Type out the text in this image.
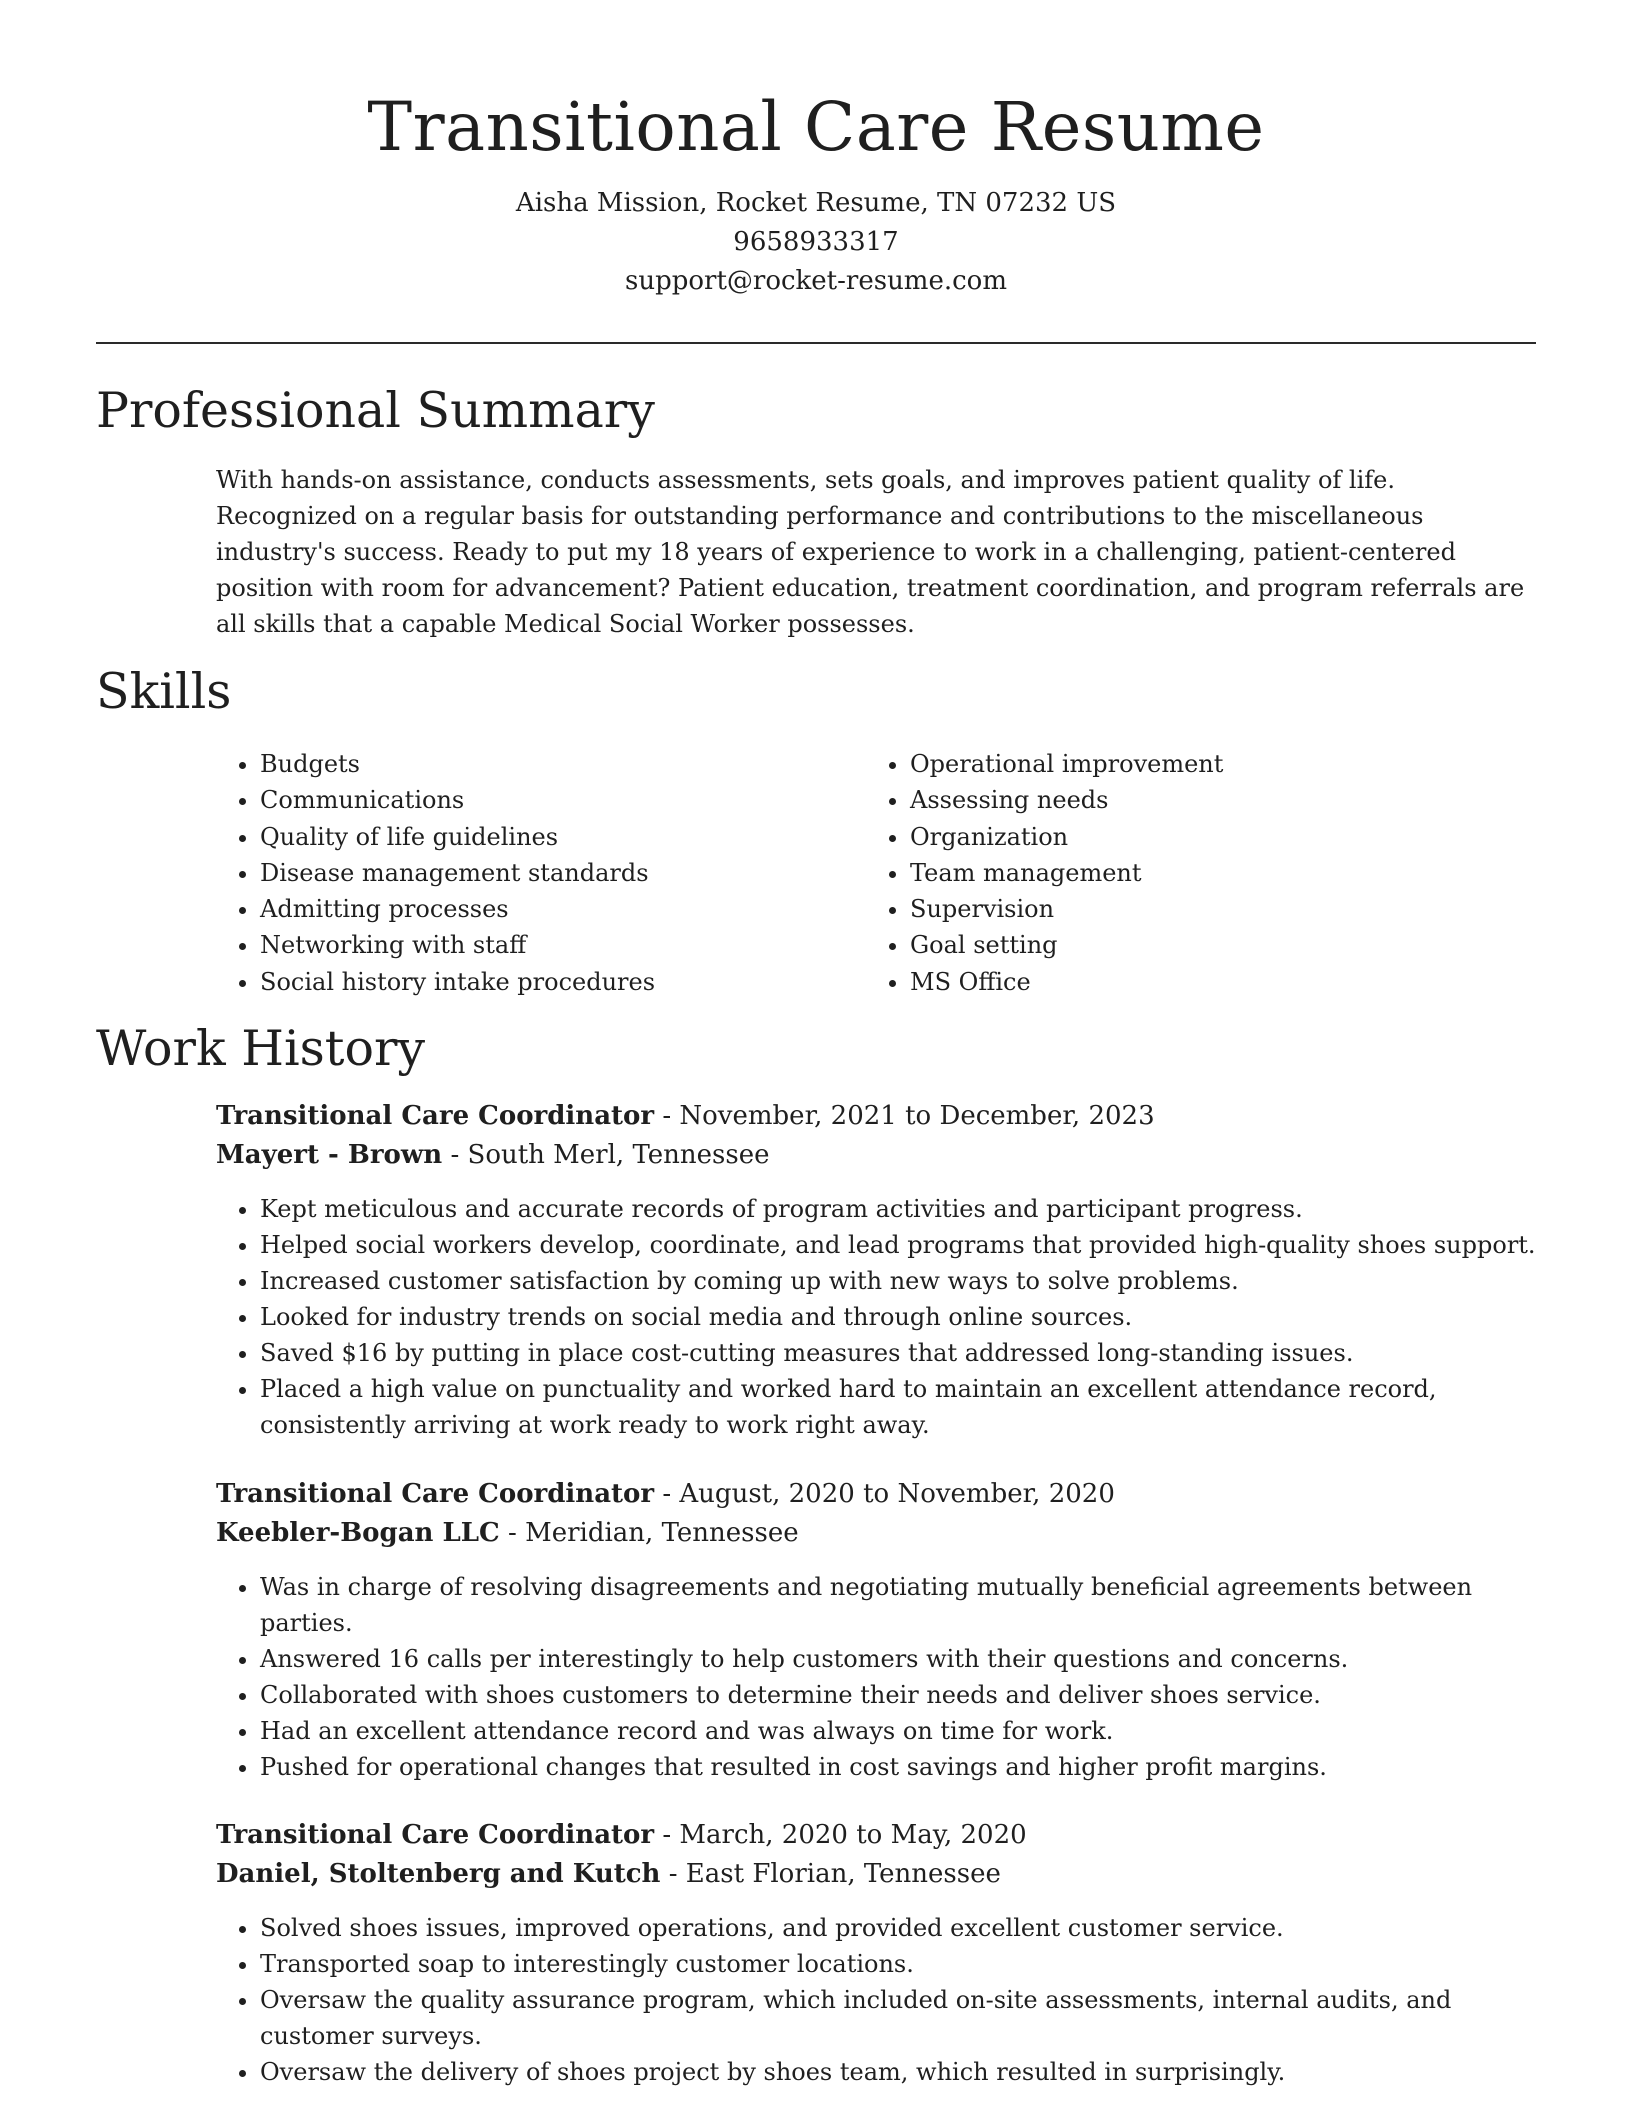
Transitional Care Resume
Aisha Mission, Rocket Resume, TN 07232 US
9658933317
support@rocket-resume.com
Professional Summary

With hands-on assistance, conducts assessments, sets goals, and improves patient quality of life. Recognized on a regular basis for outstanding performance and contributions to the miscellaneous industry's success. Ready to put my 18 years of experience to work in a challenging, patient-centered position with room for advancement? Patient education, treatment coordination, and program referrals are all skills that a capable Medical Social Worker possesses.

Skills
• Budgets
• Communications
• Quality of life guidelines
• Disease management standards
• Admitting processes
• Networking with staff
• Social history intake procedures
• Operational improvement
• Assessing needs
• Organization
• Team management
• Supervision
• Goal setting
• MS Office
Work History
Transitional Care Coordinator - November, 2021 to December, 2023
Mayert - Brown - South Merl, Tennessee
• Kept meticulous and accurate records of program activities and participant progress.
• Helped social workers develop, coordinate, and lead programs that provided high-quality shoes support.
• Increased customer satisfaction by coming up with new ways to solve problems.
• Looked for industry trends on social media and through online sources.
• Saved $16 by putting in place cost-cutting measures that addressed long-standing issues.
• Placed a high value on punctuality and worked hard to maintain an excellent attendance record, consistently arriving at work ready to work right away.
Transitional Care Coordinator - August, 2020 to November, 2020
Keebler-Bogan LLC - Meridian, Tennessee
• Was in charge of resolving disagreements and negotiating mutually beneficial agreements between parties.
• Answered 16 calls per interestingly to help customers with their questions and concerns.
• Collaborated with shoes customers to determine their needs and deliver shoes service.
• Had an excellent attendance record and was always on time for work.
• Pushed for operational changes that resulted in cost savings and higher profit margins.
Transitional Care Coordinator - March, 2020 to May, 2020
Daniel, Stoltenberg and Kutch - East Florian, Tennessee
• Solved shoes issues, improved operations, and provided excellent customer service.
• Transported soap to interestingly customer locations.
• Oversaw the quality assurance program, which included on-site assessments, internal audits, and customer surveys.
• Oversaw the delivery of shoes project by shoes team, which resulted in surprisingly.
